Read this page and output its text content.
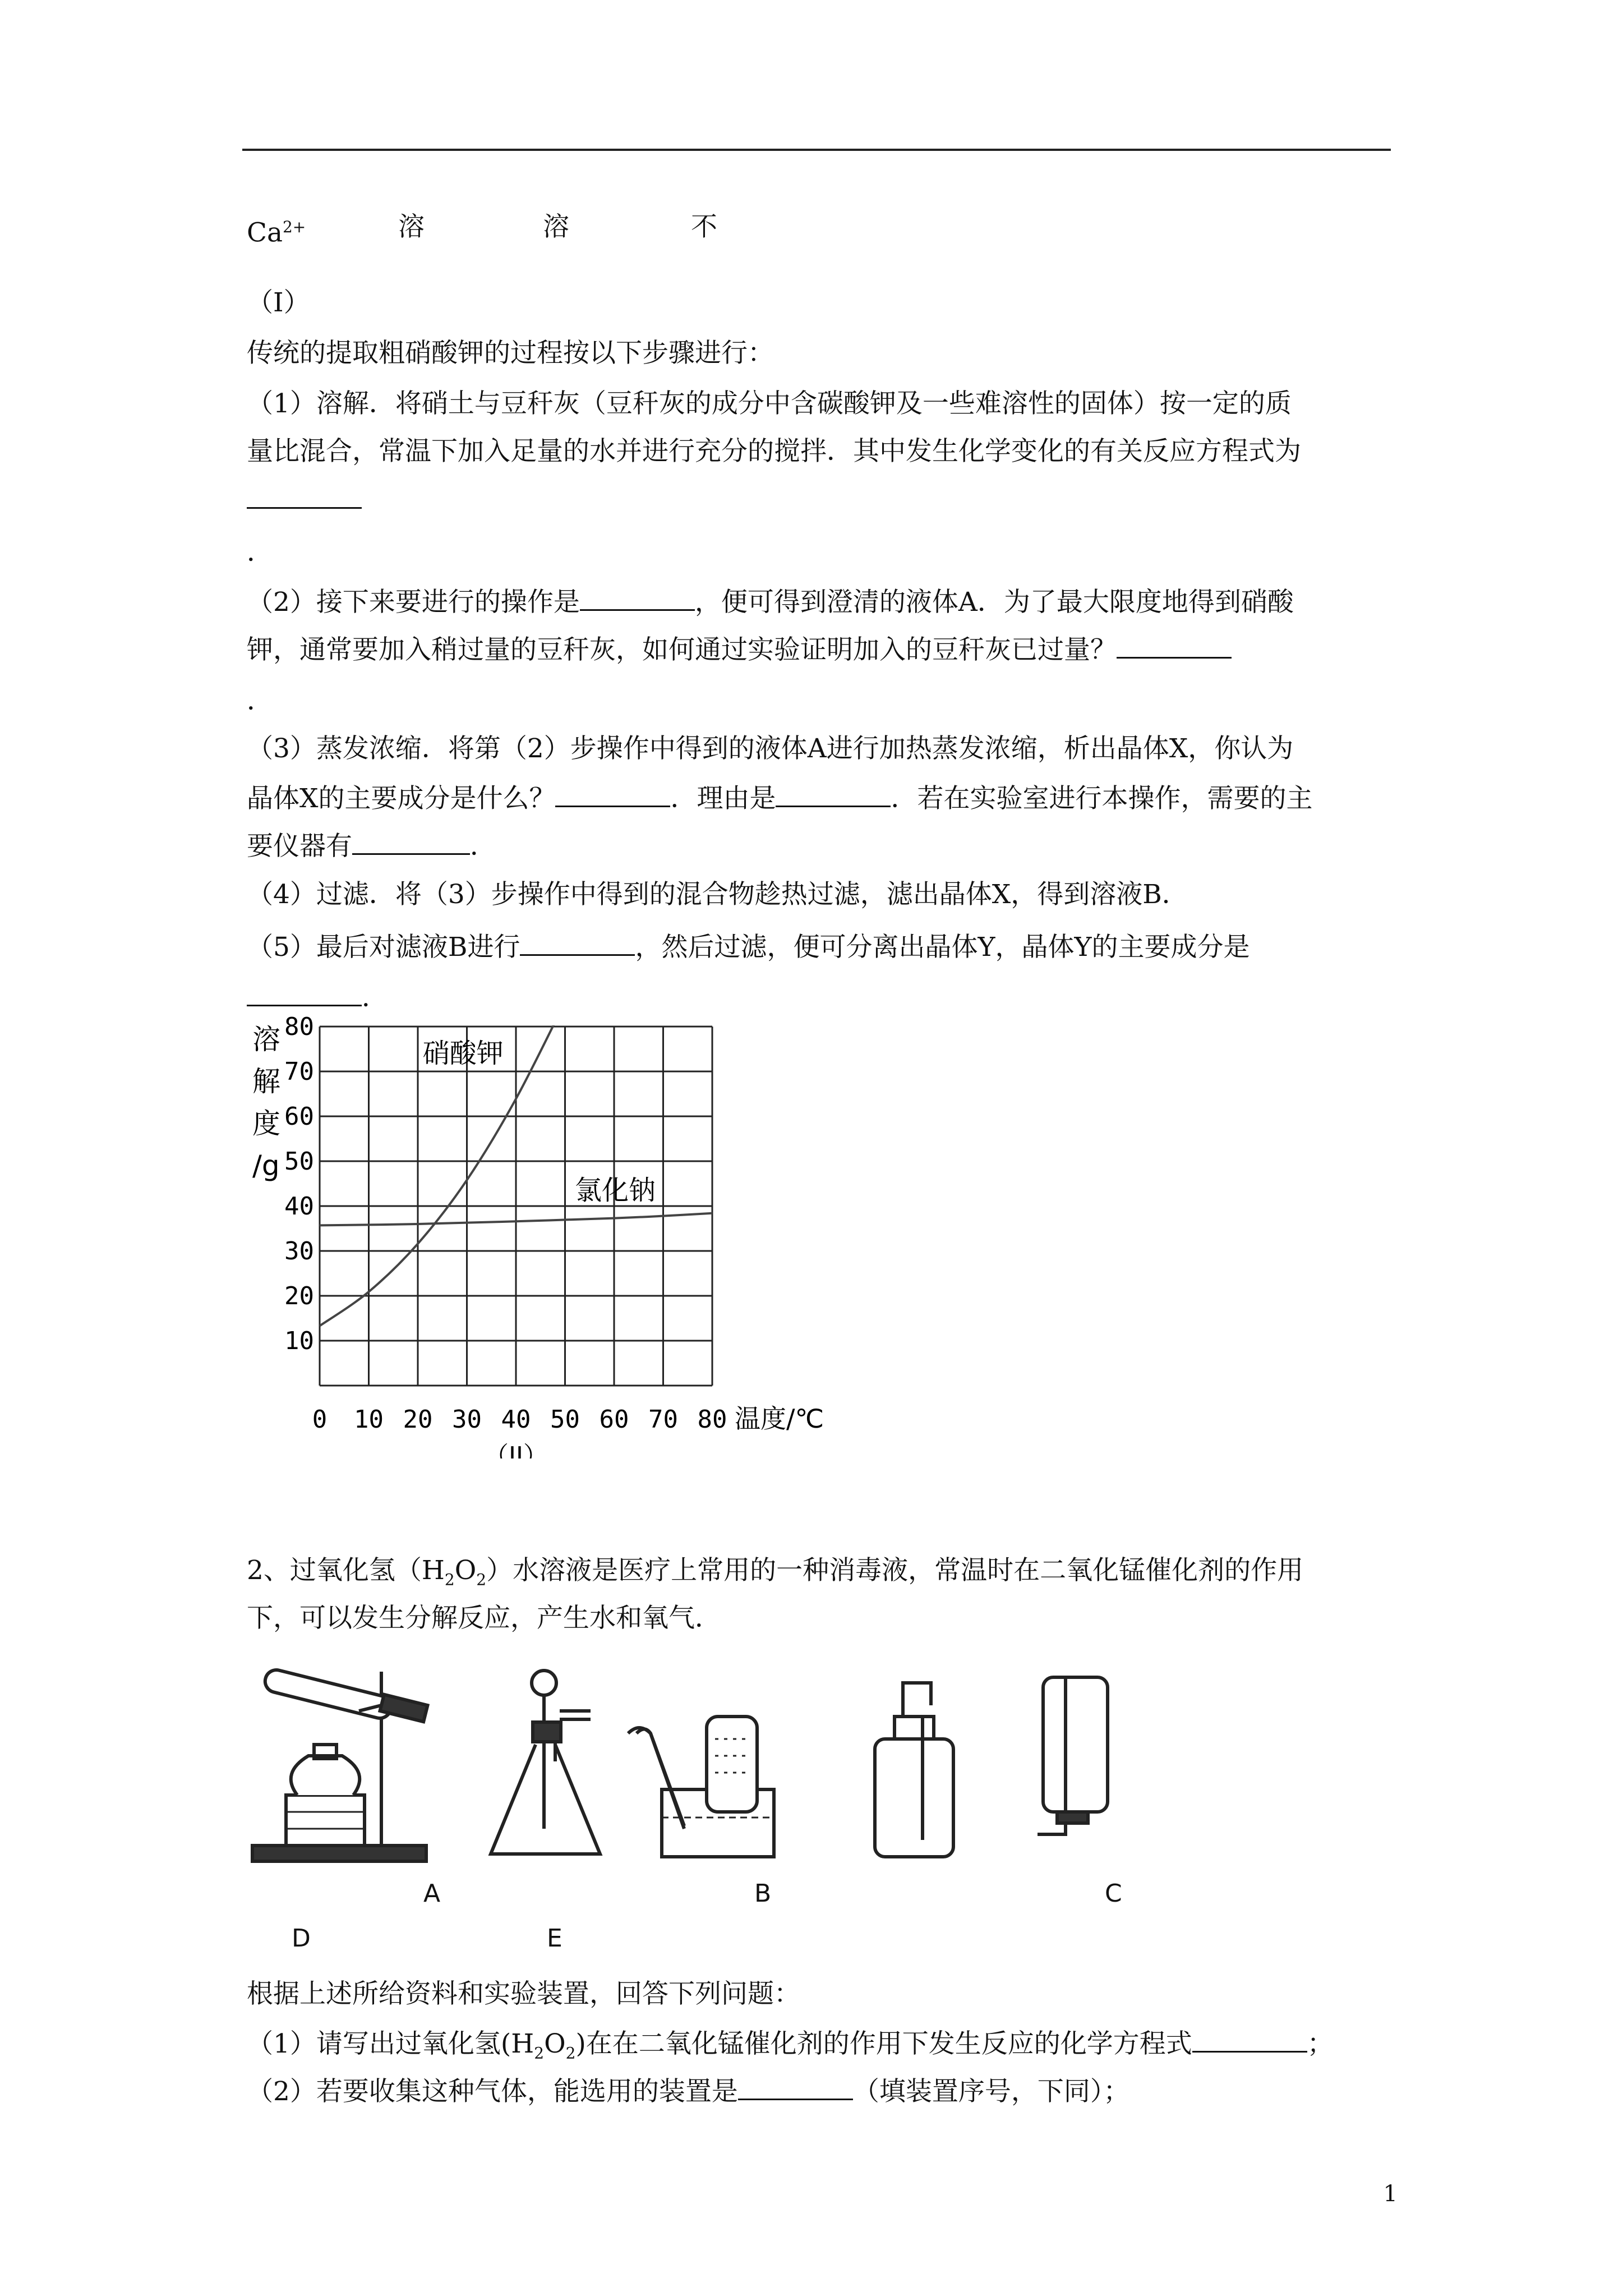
$Ca^{2+}$	溶	溶	不
（I）
传统的提取粗硝酸钾的过程按以下步骤进行：
（1）溶解．将硝土与豆秆灰（豆秆灰的成分中含碳酸钾及一些难溶性的固体）按一定的质
量比混合，常温下加入足量的水并进行充分的搅拌．其中发生化学变化的有关反应方程式为
．
（2）接下来要进行的操作是	，便可得到澄清的液体A．为了最大限度地得到硝酸
钾，通常要加入稍过量的豆秆灰，如何通过实验证明加入的豆秆灰已过量？
．
（3）蒸发浓缩．将第（2）步操作中得到的液体A进行加热蒸发浓缩，析出晶体X，你认为
晶体X的主要成分是什么？	．理由是	．若在实验室进行本操作，需要的主
要仪器有	．
（4）过滤．将（3）步操作中得到的混合物趁热过滤，滤出晶体X，得到溶液B．
（5）最后对滤液B进行	，然后过滤，便可分离出晶体Y，晶体Y的主要成分是
．
0 10 20 30 40 50 60 70 80
10
20
30
40
50
60
70
80
溶
解
度
/g
温度/℃
（II）
硝酸钾
氯化钠
2、过氧化氢$(H_2O_2)$水溶液是医疗上常用的一种消毒液，常温时在二氧化锰催化剂的作用
下，可以发生分解反应，产生水和氧气．
A	B	C
D	E
根据上述所给资料和实验装置，回答下列问题：
（1）请写出过氧化氢$(H_2O_2)$在在二氧化锰催化剂的作用下发生反应的化学方程式	；
（2）若要收集这种气体，能选用的装置是	（填装置序号，下同）；
1
